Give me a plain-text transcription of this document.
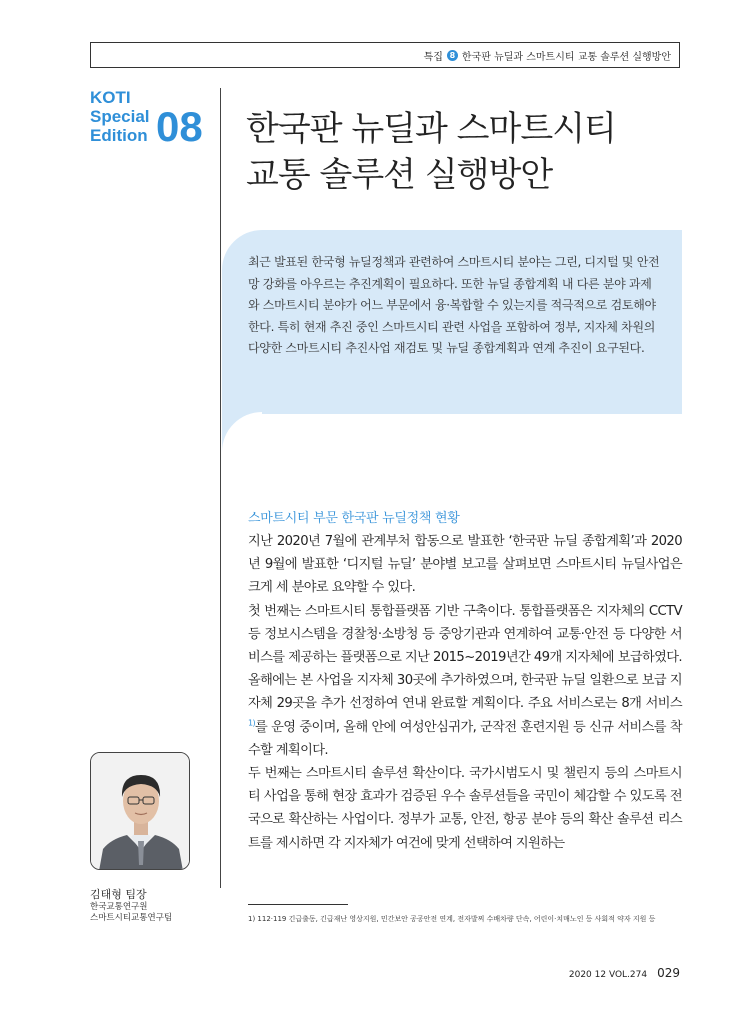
특집 8 한국판 뉴딜과 스마트시티 교통 솔루션 실행방안
KOTI
Special
Edition 08 한국판 뉴딜과 스마트시티
교통 솔루션 실행방안
최근 발표된 한국형 뉴딜정책과 관련하여 스마트시티 분야는 그린, 디지털 및 안전망 강화를 아우르는 추진계획이 필요하다. 또한 뉴딜 종합계획 내 다른 분야 과제와 스마트시티 분야가 어느 부문에서 융·복합할 수 있는지를 적극적으로 검토해야 한다. 특히 현재 추진 중인 스마트시티 관련 사업을 포함하여 정부, 지자체 차원의 다양한 스마트시티 추진사업 재검토 및 뉴딜 종합계획과 연계 추진이 요구된다.
스마트시티 부문 한국판 뉴딜정책 현황

지난 2020년 7월에 관계부처 합동으로 발표한 ‘한국판 뉴딜 종합계획’과 2020년 9월에 발표한 ‘디지털 뉴딜’ 분야별 보고를 살펴보면 스마트시티 뉴딜사업은 크게 세 분야로 요약할 수 있다.

첫 번째는 스마트시티 통합플랫폼 기반 구축이다. 통합플랫폼은 지자체의 CCTV 등 정보시스템을 경찰청·소방청 등 중앙기관과 연계하여 교통·안전 등 다양한 서비스를 제공하는 플랫폼으로 지난 2015~2019년간 49개 지자체에 보급하였다. 올해에는 본 사업을 지자체 30곳에 추가하였으며, 한국판 뉴딜 일환으로 보급 지자체 29곳을 추가 선정하여 연내 완료할 계획이다. 주요 서비스로는 8개 서비스$^{1)}$를 운영 중이며, 올해 안에 여성안심귀가, 군작전 훈련지원 등 신규 서비스를 착수할 계획이다.

두 번째는 스마트시티 솔루션 확산이다. 국가시범도시 및 챌린지 등의 스마트시티 사업을 통해 현장 효과가 검증된 우수 솔루션들을 국민이 체감할 수 있도록 전국으로 확산하는 사업이다. 정부가 교통, 안전, 항공 분야 등의 확산 솔루션 리스트를 제시하면 각 지자체가 여건에 맞게 선택하여 지원하는

김태형 팀장
한국교통연구원
스마트시티교통연구팀	1) 112·119 긴급출동, 긴급재난 영상지원, 민간보안 공공안전 연계, 전자발찌 수배차량 단속, 어린이·치매노인 등 사회적 약자 지원 등
2020 12 VOL.274 029
